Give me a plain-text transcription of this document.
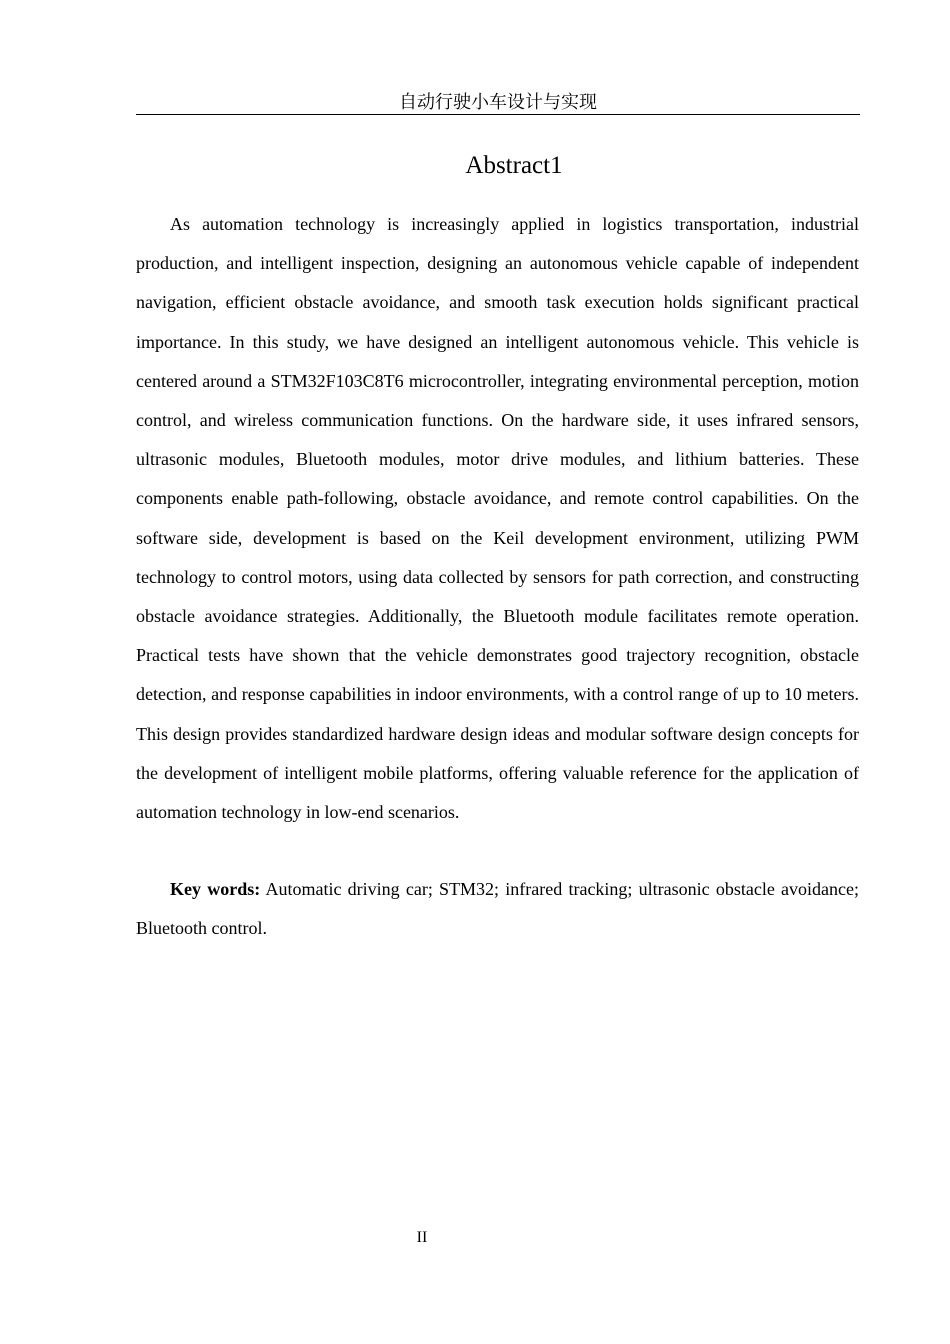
自动行驶小车设计与实现
Abstract1

As automation technology is increasingly applied in logistics transportation, industrial production, and intelligent inspection, designing an autonomous vehicle capable of independent navigation, efficient obstacle avoidance, and smooth task execution holds significant practical importance. In this study, we have designed an intelligent autonomous vehicle. This vehicle is centered around a STM32F103C8T6 microcontroller, integrating environmental perception, motion control, and wireless communication functions. On the hardware side, it uses infrared sensors, ultrasonic modules, Bluetooth modules, motor drive modules, and lithium batteries. These components enable path-following, obstacle avoidance, and remote control capabilities. On the software side, development is based on the Keil development environment, utilizing PWM technology to control motors, using data collected by sensors for path correction, and constructing obstacle avoidance strategies. Additionally, the Bluetooth module facilitates remote operation. Practical tests have shown that the vehicle demonstrates good trajectory recognition, obstacle detection, and response capabilities in indoor environments, with a control range of up to 10 meters. This design provides standardized hardware design ideas and modular software design concepts for the development of intelligent mobile platforms, offering valuable reference for the application of automation technology in low-end scenarios.

Key words: Automatic driving car; STM32; infrared tracking; ultrasonic obstacle avoidance; Bluetooth control.

II
